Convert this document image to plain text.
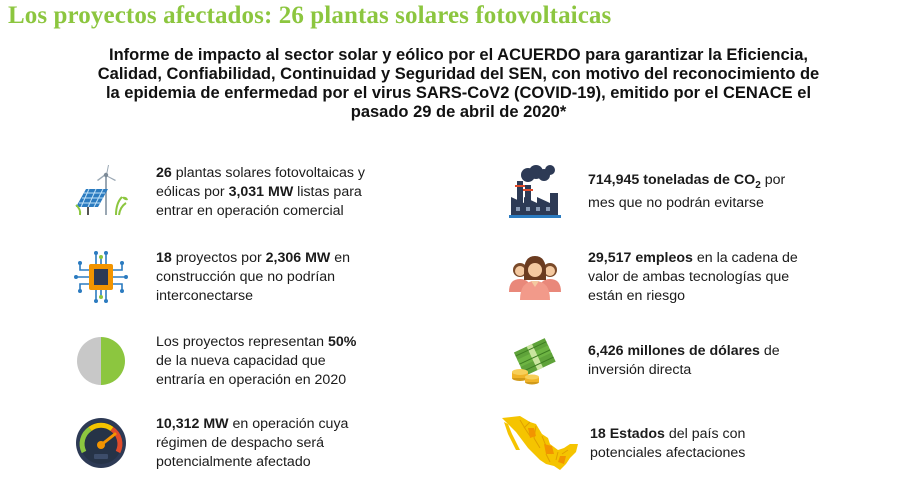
Los proyectos afectados: 26 plantas solares fotovoltaicas
Informe de impacto al sector solar y eólico por el ACUERDO para garantizar la Eficiencia,
Calidad, Confiabilidad, Continuidad y Seguridad del SEN, con motivo del reconocimiento de
la epidemia de enfermedad por el virus SARS-CoV2 (COVID-19), emitido por el CENACE el
pasado 29 de abril de 2020*
26 plantas solares fotovoltaicas y
eólicas por 3,031 MW listas para
entrar en operación comercial
18 proyectos por 2,306 MW en
construcción que no podrían
interconectarse
Los proyectos representan 50%
de la nueva capacidad que
entraría en operación en 2020
10,312 MW en operación cuya
régimen de despacho será
potencialmente afectado
714,945 toneladas de $CO_2$ por
mes que no podrán evitarse
29,517 empleos en la cadena de
valor de ambas tecnologías que
están en riesgo
6,426 millones de dólares de
inversión directa
18 Estados del país con
potenciales afectaciones
